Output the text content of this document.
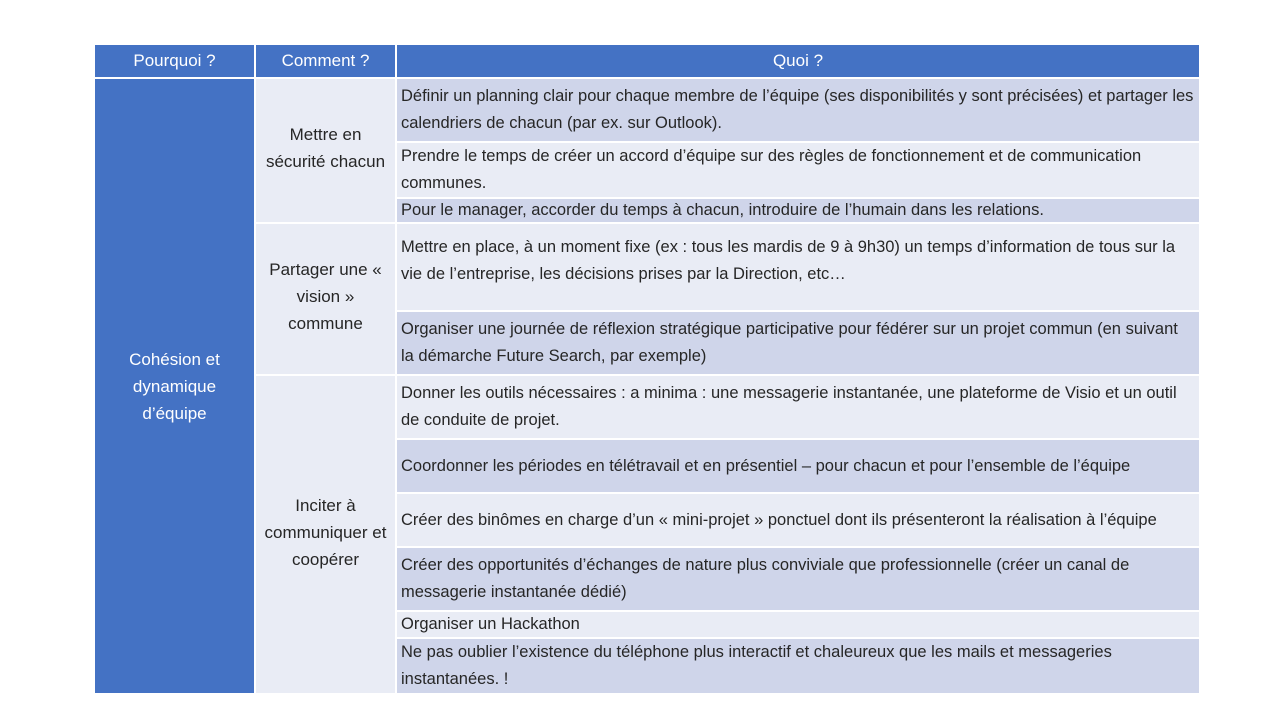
Pourquoi ?	Comment ?	Quoi ?
Cohésion et dynamique d’équipe	Mettre en sécurité chacun	Définir un planning clair pour chaque membre de l’équipe (ses disponibilités y sont précisées) et partager les calendriers de chacun (par ex. sur Outlook).
		Prendre le temps de créer un accord d’équipe sur des règles de fonctionnement et de communication communes.
		Pour le manager, accorder du temps à chacun, introduire de l’humain dans les relations.

	Partager une « vision » commune	Mettre en place, à un moment fixe (ex : tous les mardis de 9 à 9h30) un temps d’information de tous sur la vie de l’entreprise, les décisions prises par la Direction, etc…
		Organiser une journée de réflexion stratégique participative pour fédérer sur un projet commun (en suivant la démarche Future Search, par exemple)

	Inciter à communiquer et coopérer	Donner les outils nécessaires : a minima : une messagerie instantanée, une plateforme de Visio et un outil de conduite de projet.
		Coordonner les périodes en télétravail et en présentiel – pour chacun et pour l’ensemble de l’équipe
		Créer des binômes en charge d’un « mini-projet » ponctuel dont ils présenteront la réalisation à l’équipe
		Créer des opportunités d’échanges de nature plus conviviale que professionnelle (créer un canal de messagerie instantanée dédié)
		Organiser un Hackathon
		Ne pas oublier l’existence du téléphone plus interactif et chaleureux que les mails et messageries instantanées. !
